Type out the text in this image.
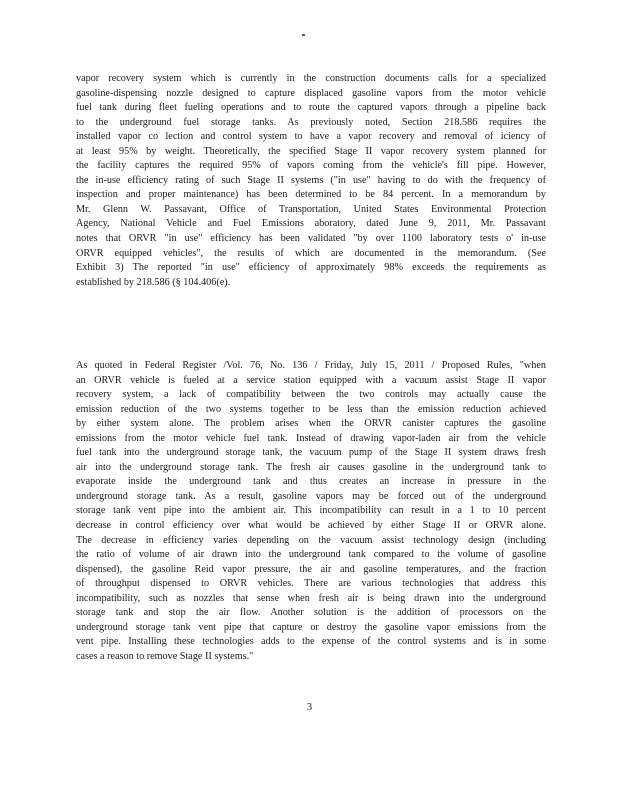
vapor recovery system which is currently in the construction documents calls for a specialized
gasoline-dispensing nozzle designed to capture displaced gasoline vapors from the motor vehicle
fuel tank during fleet fueling operations and to route the captured vapors through a pipeline back
to the underground fuel storage tanks. As previously noted, Section 218.586 requires the
installed vapor co lection and control system to have a vapor recovery and removal of iciency of
at least 95% by weight. Theoretically, the specified Stage II vapor recovery system planned for
the facility captures the required 95% of vapors coming from the vehicle's fill pipe. However,
the in-use efficiency rating of such Stage II systems ("in use" having to do with the frequency of
inspection and proper maintenance) has been determined to be 84 percent. In a memorandum by
Mr. Glenn W. Passavant, Office of Transportation, United States Environmental Protection
Agency, National Vehicle and Fuel Emissions aboratory, dated June 9, 2011, Mr. Passavant
notes that ORVR "in use" efficiency has been validated "by over 1100 laboratory tests o' in-use
ORVR equipped vehicles", the results of which are documented in the memorandum. (See
Exhibit 3) The reported "in use" efficiency of approximately 98% exceeds the requirements as
established by 218.586 (§ 104.406(e).
As quoted in Federal Register /Vol. 76, No. 136 / Friday, July 15, 2011 / Proposed Rules, "when
an ORVR vehicle is fueled at a service station equipped with a vacuum assist Stage II vapor
recovery system, a lack of compatibility between the two controls may actually cause the
emission reduction of the two systems together to be less than the emission reduction achieved
by either system alone. The problem arises when the ORVR canister captures the gasoline
emissions from the motor vehicle fuel tank. Instead of drawing vapor-laden air from the vehicle
fuel tank into the underground storage tank, the vacuum pump of the Stage II system draws fresh
air into the underground storage tank. The fresh air causes gasoline in the underground tank to
evaporate inside the underground tank and thus creates an increase in pressure in the
underground storage tank. As a result, gasoline vapors may be forced out of the underground
storage tank vent pipe into the ambient air. This incompatibility can result in a 1 to 10 percent
decrease in control efficiency over what would be achieved by either Stage II or ORVR alone.
The decrease in efficiency varies depending on the vacuum assist technology design (including
the ratio of volume of air drawn into the underground tank compared to the volume of gasoline
dispensed), the gasoline Reid vapor pressure, the air and gasoline temperatures, and the fraction
of throughput dispensed to ORVR vehicles. There are various technologies that address this
incompatibility, such as nozzles that sense when fresh air is being drawn into the underground
storage tank and stop the air flow. Another solution is the addition of processors on the
underground storage tank vent pipe that capture or destroy the gasoline vapor emissions from the
vent pipe. Installing these technologies adds to the expense of the control systems and is in some
cases a reason to remove Stage II systems."
3
